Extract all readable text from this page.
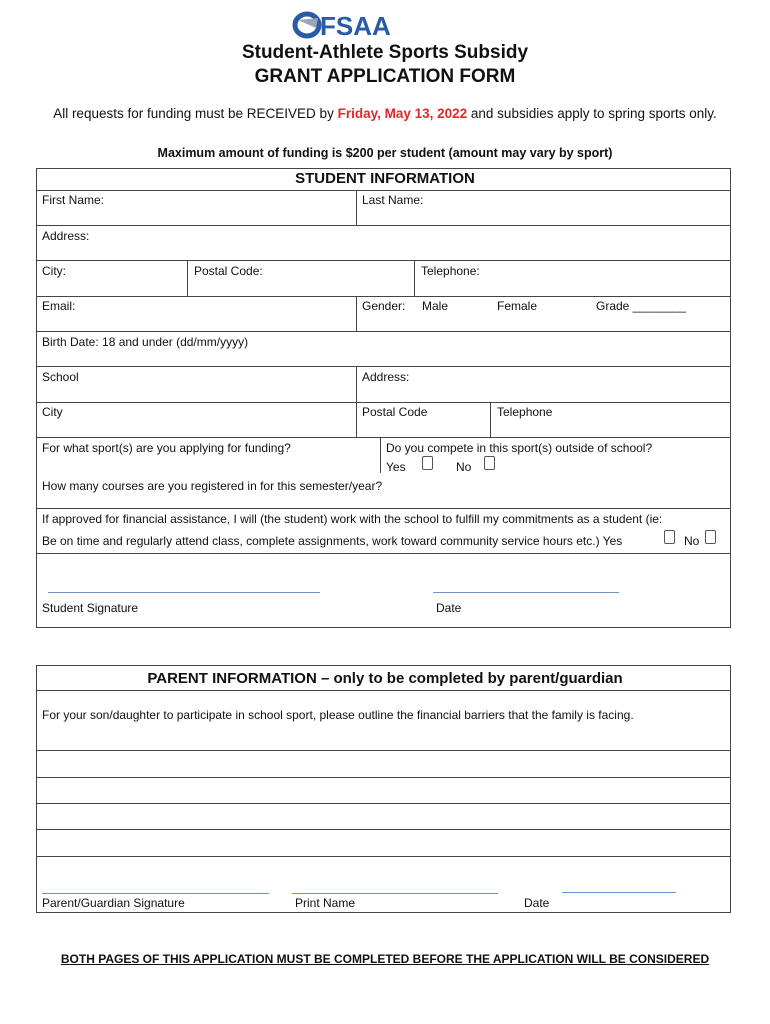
FSAA
Student-Athlete Sports Subsidy
GRANT APPLICATION FORM
All requests for funding must be RECEIVED by Friday, May 13, 2022 and subsidies apply to spring sports only.
Maximum amount of funding is $200 per student (amount may vary by sport)
STUDENT INFORMATION
First Name:	Last Name:
Address:
City:	Postal Code:	Telephone:
Email:	Gender: Male	Female	Grade ________
Birth Date: 18 and under (dd/mm/yyyy)
School	Address:
City	Postal Code	Telephone
For what sport(s) are you applying for funding?	Do you compete in this sport(s) outside of school?
Yes	No
How many courses are you registered in for this semester/year?
If approved for financial assistance, I will (the student) work with the school to fulfill my commitments as a student (ie:
Be on time and regularly attend class, complete assignments, work toward community service hours etc.) Yes	No
Student Signature	Date
PARENT INFORMATION – only to be completed by parent/guardian
For your son/daughter to participate in school sport, please outline the financial barriers that the family is facing.
Parent/Guardian Signature	Print Name	Date
BOTH PAGES OF THIS APPLICATION MUST BE COMPLETED BEFORE THE APPLICATION WILL BE CONSIDERED
